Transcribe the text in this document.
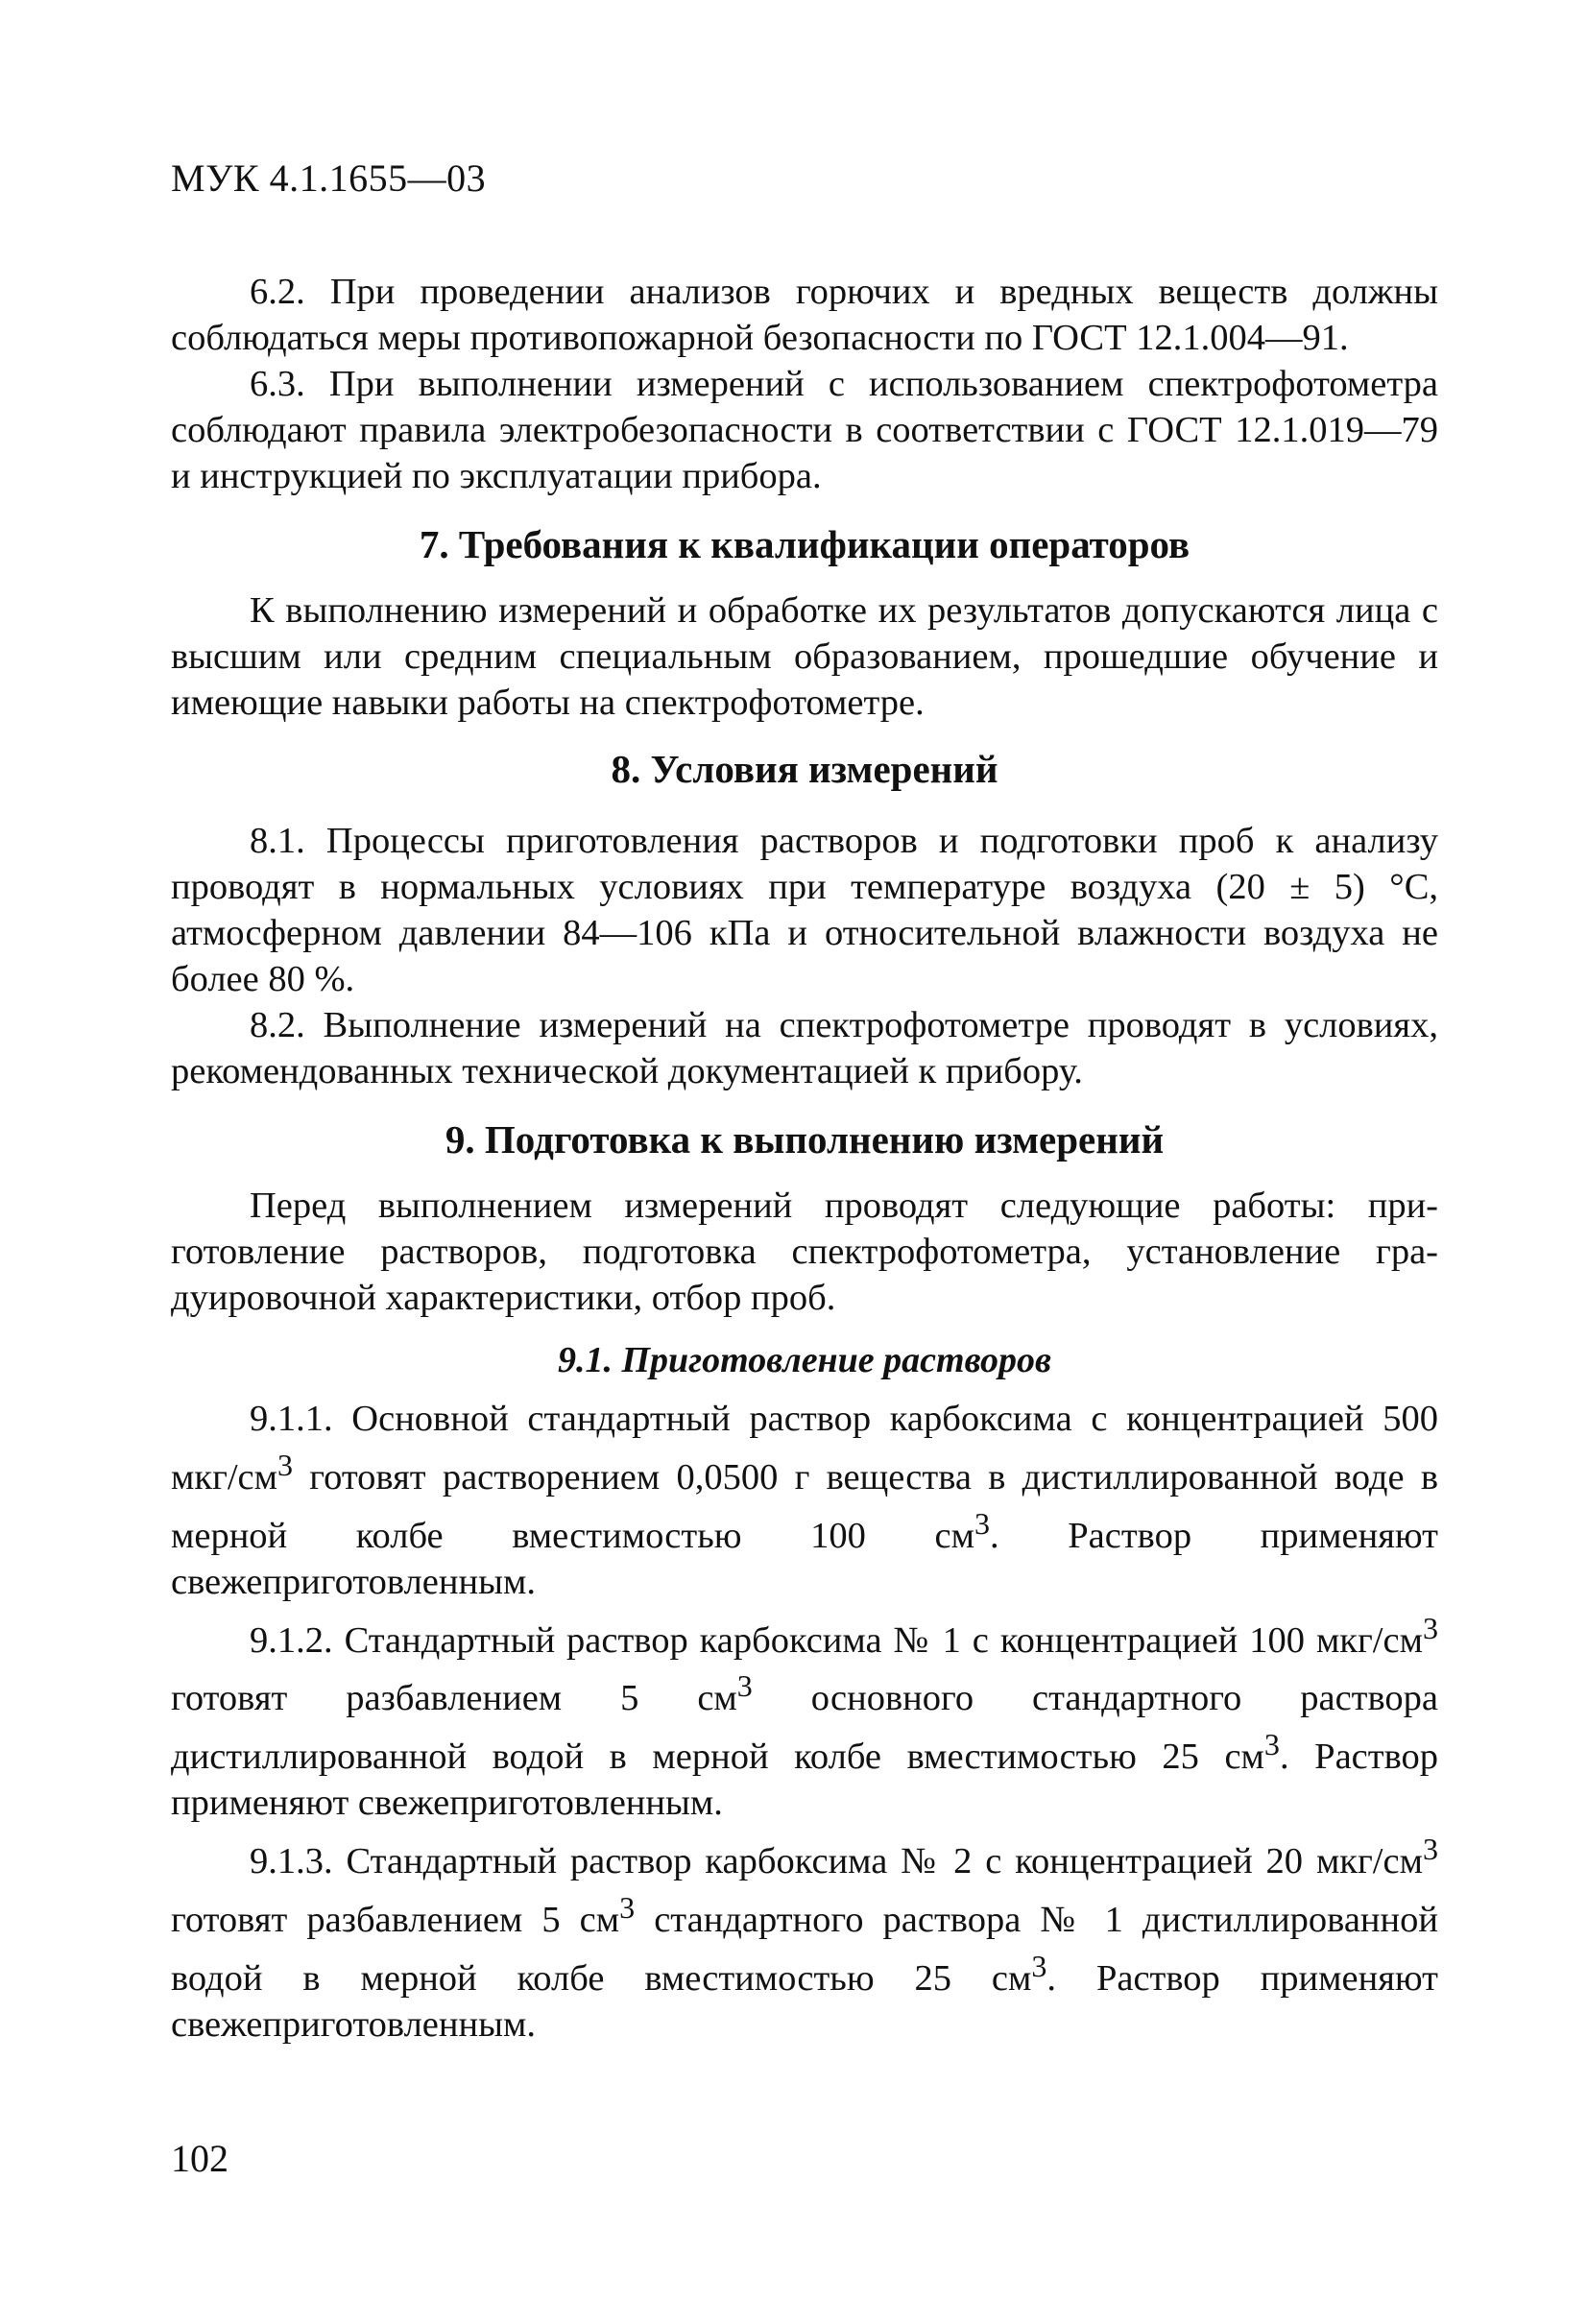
МУК 4.1.1655—03

6.2. При проведении анализов горючих и вредных веществ должны соблюдаться меры противопожарной безопасности по ГОСТ 12.1.004—91.

6.3. При выполнении измерений с использованием спектрофотометра соблюдают правила электробезопасности в соответствии с ГОСТ 12.1.019—79 и инструкцией по эксплуатации прибора.

7. Требования к квалификации операторов

К выполнению измерений и обработке их результатов допускаются лица с высшим или средним специальным образованием, прошедшие обучение и имеющие навыки работы на спектрофотометре.

8. Условия измерений

8.1. Процессы приготовления растворов и подготовки проб к анализу проводят в нормальных условиях при температуре воздуха (20 ± 5) °С, атмосферном давлении 84—106 кПа и относительной влажности воздуха не более 80 %.

8.2. Выполнение измерений на спектрофотометре проводят в условиях, рекомендованных технической документацией к прибору.

9. Подготовка к выполнению измерений

Перед выполнением измерений проводят следующие работы: приготовление растворов, подготовка спектрофотометра, установление градуировочной характеристики, отбор проб.

9.1. Приготовление растворов

9.1.1. Основной стандартный раствор карбоксима с концентрацией 500 мкг/$см^3$ готовят растворением 0,0500 г вещества в дистиллированной воде в мерной колбе вместимостью 100 $см^3$. Раствор применяют свежеприготовленным.

9.1.2. Стандартный раствор карбоксима № 1 с концентрацией 100 мкг/$см^3$ готовят разбавлением 5 $см^3$ основного стандартного раствора дистиллированной водой в мерной колбе вместимостью 25 $см^3$. Раствор применяют свежеприготовленным.

9.1.3. Стандартный раствор карбоксима № 2 с концентрацией 20 мкг/$см^3$ готовят разбавлением 5 $см^3$ стандартного раствора № 1 дистиллированной водой в мерной колбе вместимостью 25 $см^3$. Раствор применяют свежеприготовленным.

102
